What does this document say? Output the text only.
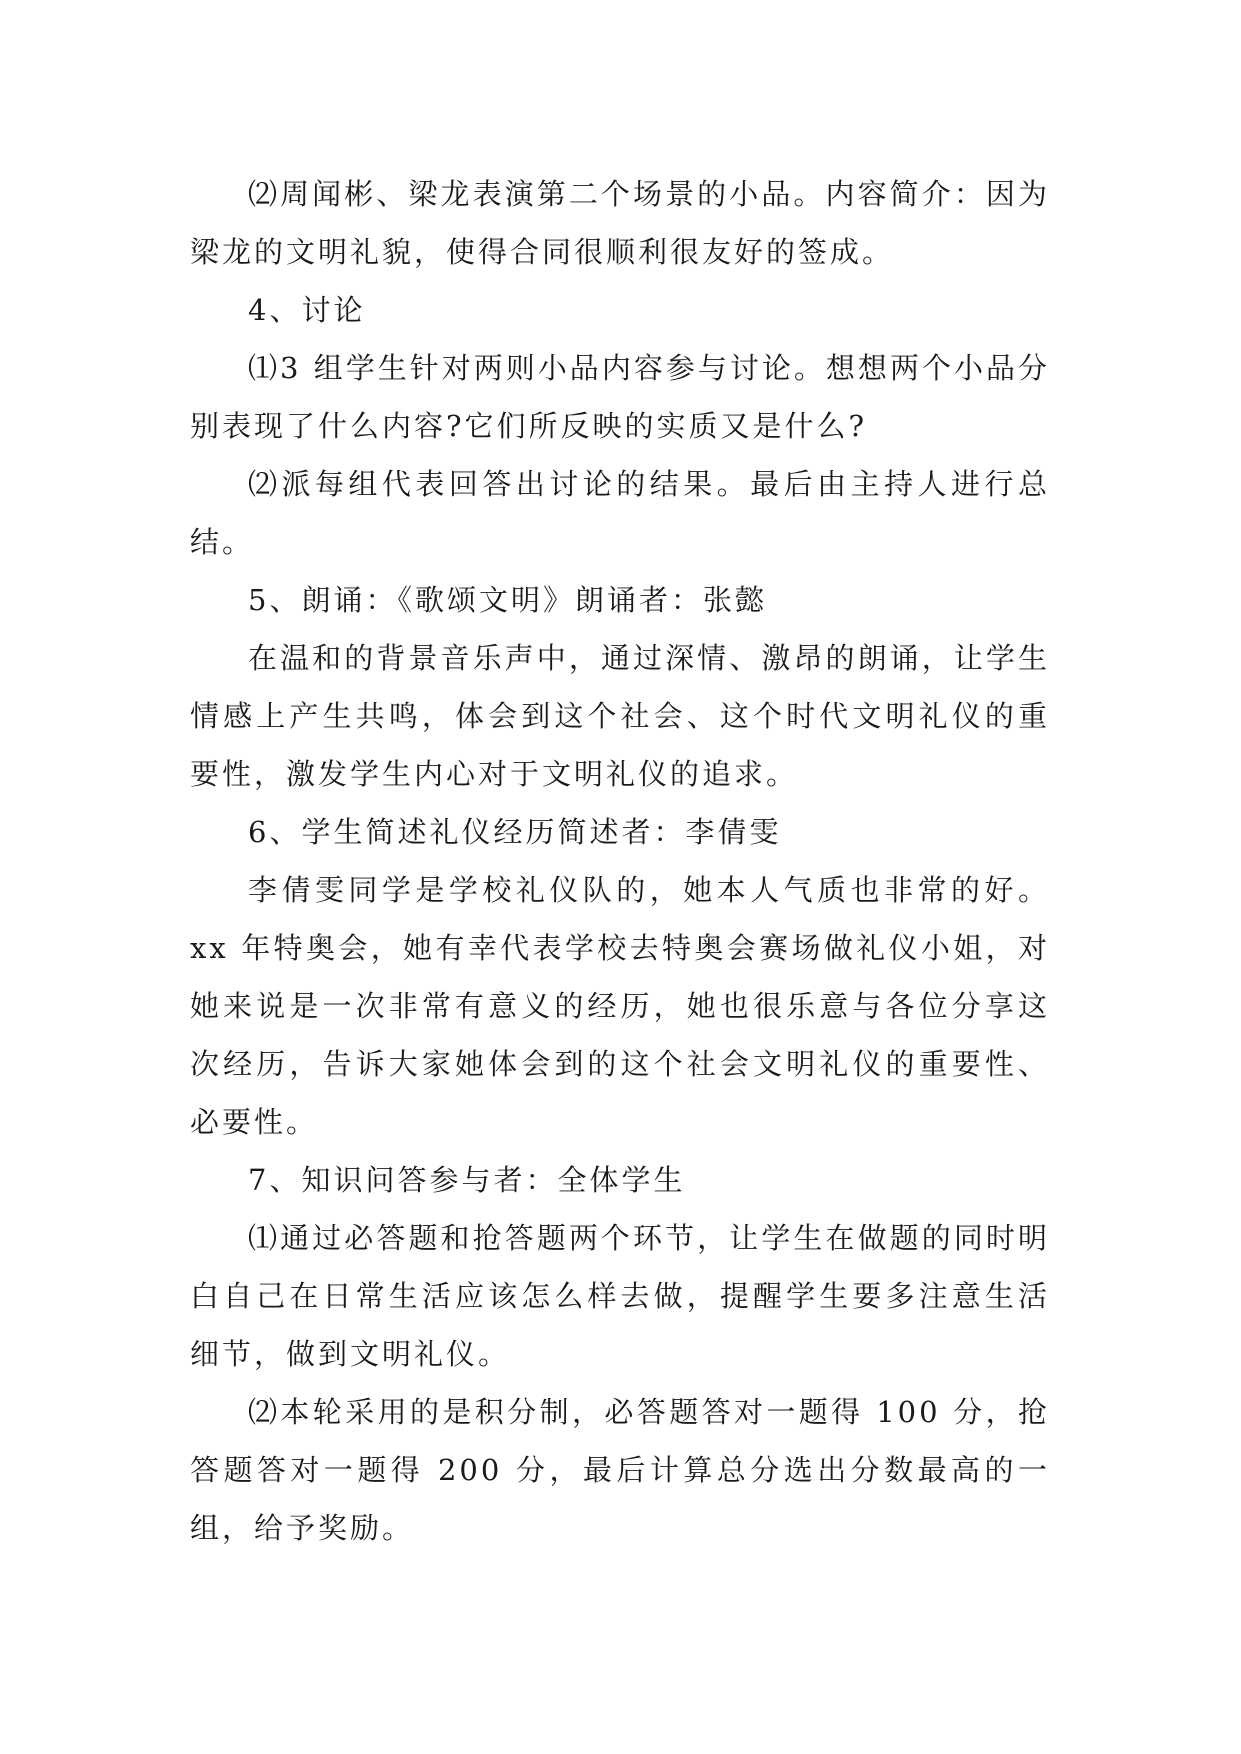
⑵周闻彬、梁龙表演第二个场景的小品。内容简介：因为梁龙的文明礼貌，使得合同很顺利很友好的签成。

4、讨论

⑴3 组学生针对两则小品内容参与讨论。想想两个小品分别表现了什么内容?它们所反映的实质又是什么?

⑵派每组代表回答出讨论的结果。最后由主持人进行总结。

5、朗诵：《歌颂文明》朗诵者：张懿

在温和的背景音乐声中，通过深情、激昂的朗诵，让学生情感上产生共鸣，体会到这个社会、这个时代文明礼仪的重要性，激发学生内心对于文明礼仪的追求。

6、学生简述礼仪经历简述者：李倩雯

李倩雯同学是学校礼仪队的，她本人气质也非常的好。xx 年特奥会，她有幸代表学校去特奥会赛场做礼仪小姐，对她来说是一次非常有意义的经历，她也很乐意与各位分享这次经历，告诉大家她体会到的这个社会文明礼仪的重要性、必要性。

7、知识问答参与者：全体学生

⑴通过必答题和抢答题两个环节，让学生在做题的同时明白自己在日常生活应该怎么样去做，提醒学生要多注意生活细节，做到文明礼仪。

⑵本轮采用的是积分制，必答题答对一题得 100 分，抢答题答对一题得 200 分，最后计算总分选出分数最高的一组，给予奖励。
